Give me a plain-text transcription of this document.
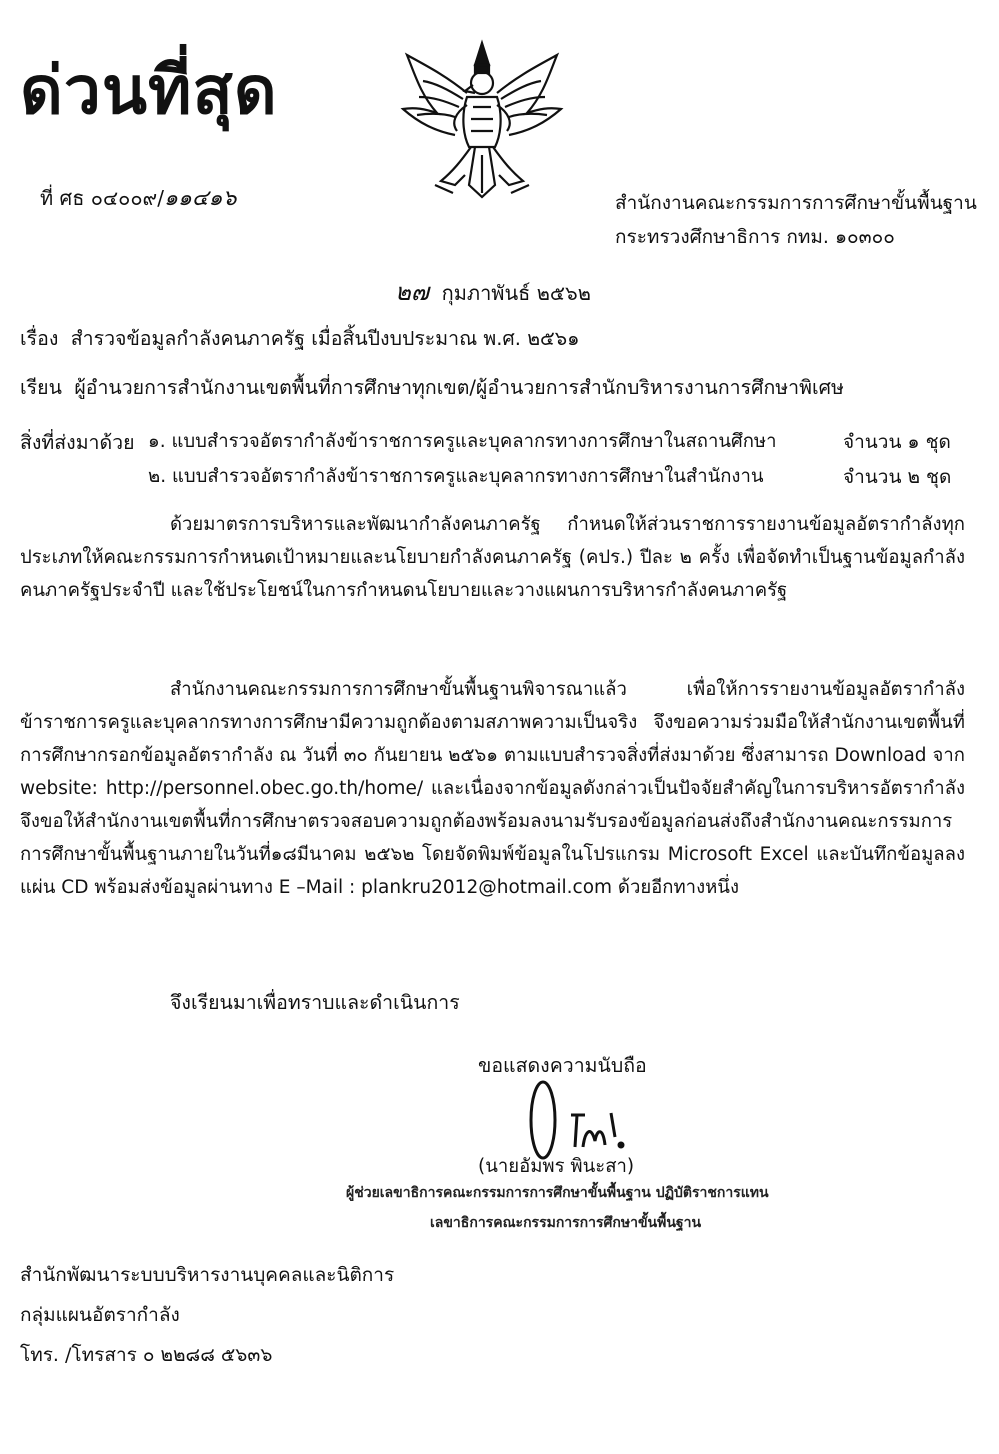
ด่วนที่สุด
ที่ ศธ ๐๔๐๐๙/๑๑๔๑๖	สำนักงานคณะกรรมการการศึกษาขั้นพื้นฐาน
กระทรวงศึกษาธิการ กทม. ๑๐๓๐๐
๒๗ กุมภาพันธ์ ๒๕๖๒
เรื่อง สำรวจข้อมูลกำลังคนภาครัฐ เมื่อสิ้นปีงบประมาณ พ.ศ. ๒๕๖๑
เรียน ผู้อำนวยการสำนักงานเขตพื้นที่การศึกษาทุกเขต/ผู้อำนวยการสำนักบริหารงานการศึกษาพิเศษ
สิ่งที่ส่งมาด้วย ๑. แบบสำรวจอัตรากำลังข้าราชการครูและบุคลากรทางการศึกษาในสถานศึกษา	จำนวน ๑ ชุด
๒. แบบสำรวจอัตรากำลังข้าราชการครูและบุคลากรทางการศึกษาในสำนักงาน	จำนวน ๒ ชุด
ด้วยมาตรการบริหารและพัฒนากำลังคนภาครัฐ กำหนดให้ส่วนราชการรายงานข้อมูลอัตรากำลังทุกประเภทให้คณะกรรมการกำหนดเป้าหมายและนโยบายกำลังคนภาครัฐ (คปร.) ปีละ ๒ ครั้ง เพื่อจัดทำเป็นฐานข้อมูลกำลังคนภาครัฐประจำปี และใช้ประโยชน์ในการกำหนดนโยบายและวางแผนการบริหารกำลังคนภาครัฐ
สำนักงานคณะกรรมการการศึกษาขั้นพื้นฐานพิจารณาแล้ว เพื่อให้การรายงานข้อมูลอัตรากำลังข้าราชการครูและบุคลากรทางการศึกษามีความถูกต้องตามสภาพความเป็นจริง จึงขอความร่วมมือให้สำนักงานเขตพื้นที่การศึกษากรอกข้อมูลอัตรากำลัง ณ วันที่ ๓๐ กันยายน ๒๕๖๑ ตามแบบสำรวจสิ่งที่ส่งมาด้วย ซึ่งสามารถ Download จาก website: http://personnel.obec.go.th/home/ และเนื่องจากข้อมูลดังกล่าวเป็นปัจจัยสำคัญในการบริหารอัตรากำลัง จึงขอให้สำนักงานเขตพื้นที่การศึกษาตรวจสอบความถูกต้องพร้อมลงนามรับรองข้อมูลก่อนส่งถึงสำนักงานคณะกรรมการการศึกษาขั้นพื้นฐานภายในวันที่๑๘มีนาคม ๒๕๖๒ โดยจัดพิมพ์ข้อมูลในโปรแกรม Microsoft Excel และบันทึกข้อมูลลงแผ่น CD พร้อมส่งข้อมูลผ่านทาง E –Mail : plankru2012@hotmail.com ด้วยอีกทางหนึ่ง
จึงเรียนมาเพื่อทราบและดำเนินการ
ขอแสดงความนับถือ
(นายอัมพร พินะสา)
ผู้ช่วยเลขาธิการคณะกรรมการการศึกษาขั้นพื้นฐาน ปฏิบัติราชการแทน
เลขาธิการคณะกรรมการการศึกษาขั้นพื้นฐาน
สำนักพัฒนาระบบบริหารงานบุคคลและนิติการ
กลุ่มแผนอัตรากำลัง
โทร. /โทรสาร ๐ ๒๒๘๘ ๕๖๓๖
